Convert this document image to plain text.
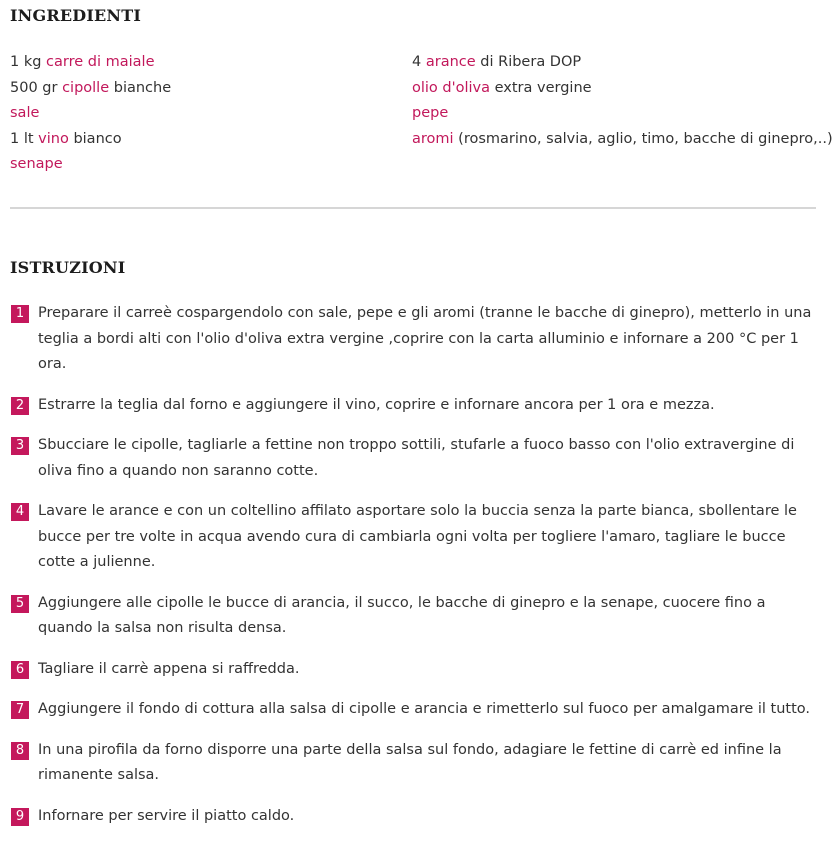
INGREDIENTI
1 kg carre di maiale
500 gr cipolle bianche
sale
1 lt vino bianco
senape
4 arance di Ribera DOP
olio d'oliva extra vergine
pepe
aromi (rosmarino, salvia, aglio, timo, bacche di ginepro,..)
ISTRUZIONI
1 Preparare il carreè cospargendolo con sale, pepe e gli aromi (tranne le bacche di ginepro), metterlo in una teglia a bordi alti con l'olio d'oliva extra vergine ,coprire con la carta alluminio e infornare a 200 °C per 1 ora.
2 Estrarre la teglia dal forno e aggiungere il vino, coprire e infornare ancora per 1 ora e mezza.
3 Sbucciare le cipolle, tagliarle a fettine non troppo sottili, stufarle a fuoco basso con l'olio extravergine di oliva fino a quando non saranno cotte.
4 Lavare le arance e con un coltellino affilato asportare solo la buccia senza la parte bianca, sbollentare le bucce per tre volte in acqua avendo cura di cambiarla ogni volta per togliere l'amaro, tagliare le bucce cotte a julienne.
5 Aggiungere alle cipolle le bucce di arancia, il succo, le bacche di ginepro e la senape, cuocere fino a quando la salsa non risulta densa.
6 Tagliare il carrè appena si raffredda.
7 Aggiungere il fondo di cottura alla salsa di cipolle e arancia e rimetterlo sul fuoco per amalgamare il tutto.
8 In una pirofila da forno disporre una parte della salsa sul fondo, adagiare le fettine di carrè ed infine la rimanente salsa.
9 Infornare per servire il piatto caldo.
